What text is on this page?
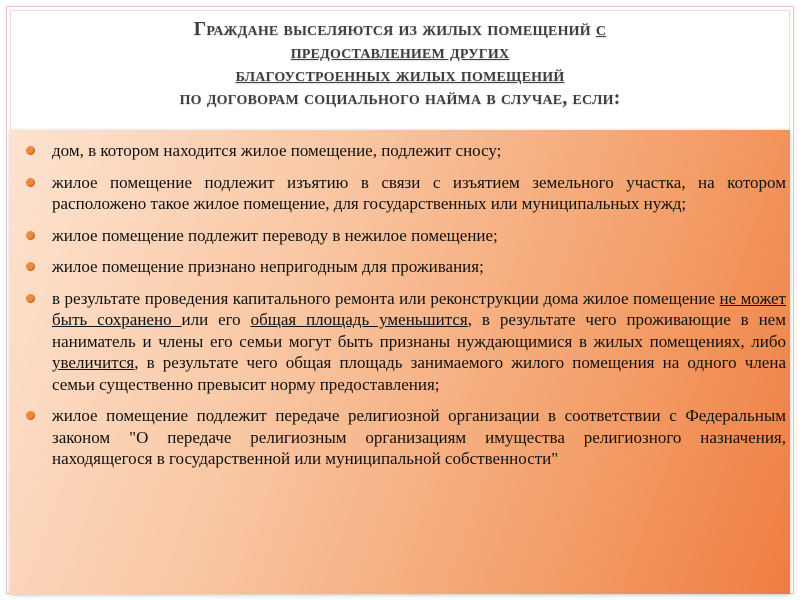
Граждане выселяются из жилых помещений с
предоставлением других
благоустроенных жилых помещений
по договорам социального найма в случае, если:
дом, в котором находится жилое помещение, подлежит сносу;
жилое помещение подлежит изъятию в связи с изъятием земельного участка, на котором расположено такое жилое помещение, для государственных или муниципальных нужд;
жилое помещение подлежит переводу в нежилое помещение;
жилое помещение признано непригодным для проживания;
в результате проведения капитального ремонта или реконструкции дома жилое помещение не может быть сохранено или его общая площадь уменьшится, в результате чего проживающие в нем наниматель и члены его семьи могут быть признаны нуждающимися в жилых помещениях, либо увеличится, в результате чего общая площадь занимаемого жилого помещения на одного члена семьи существенно превысит норму предоставления;
жилое помещение подлежит передаче религиозной организации в соответствии с Федеральным законом "О передаче религиозным организациям имущества религиозного назначения, находящегося в государственной или муниципальной собственности"
